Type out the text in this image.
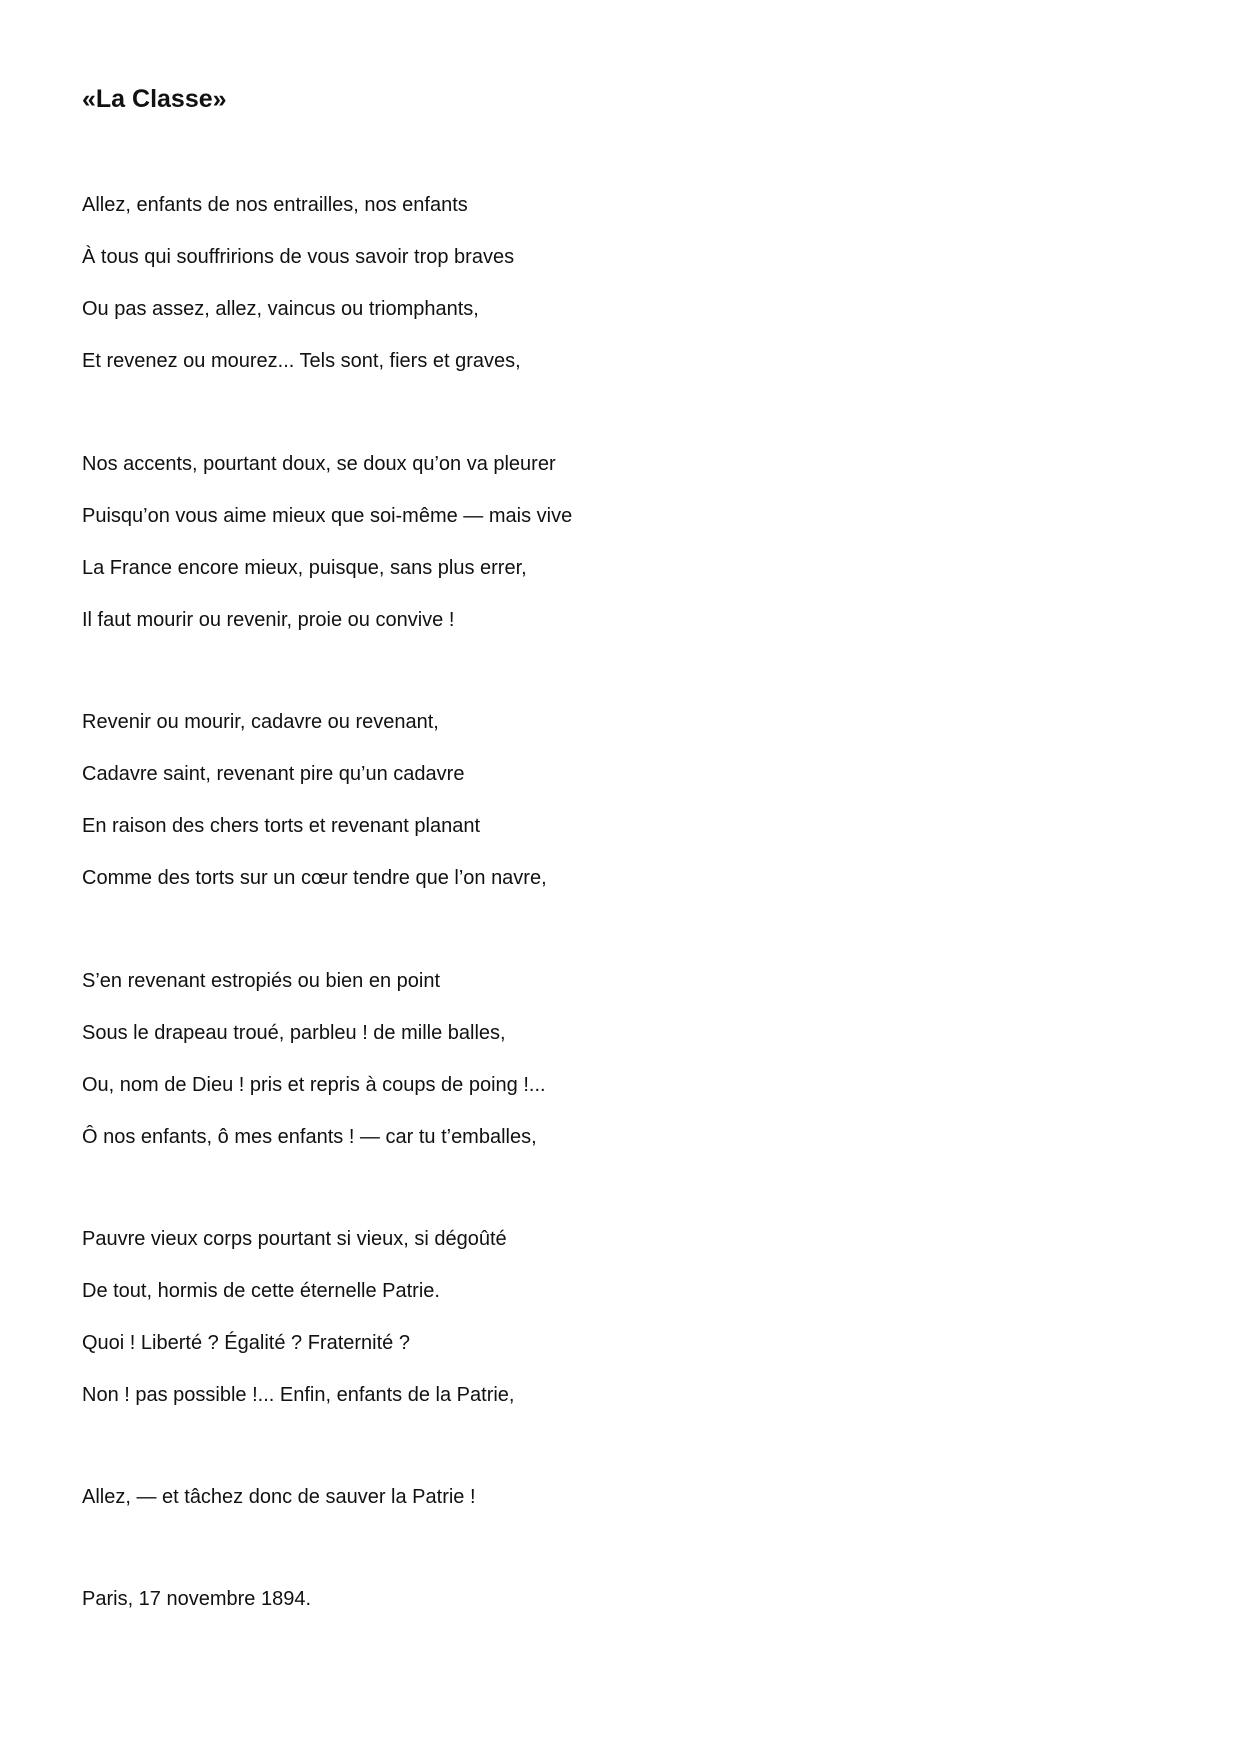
«La Classe»

Allez, enfants de nos entrailles, nos enfants

À tous qui souffririons de vous savoir trop braves

Ou pas assez, allez, vaincus ou triomphants,

Et revenez ou mourez... Tels sont, fiers et graves,

Nos accents, pourtant doux, se doux qu’on va pleurer

Puisqu’on vous aime mieux que soi-même — mais vive

La France encore mieux, puisque, sans plus errer,

Il faut mourir ou revenir, proie ou convive !

Revenir ou mourir, cadavre ou revenant,

Cadavre saint, revenant pire qu’un cadavre

En raison des chers torts et revenant planant

Comme des torts sur un cœur tendre que l’on navre,

S’en revenant estropiés ou bien en point

Sous le drapeau troué, parbleu ! de mille balles,

Ou, nom de Dieu ! pris et repris à coups de poing !...

Ô nos enfants, ô mes enfants ! — car tu t’emballes,

Pauvre vieux corps pourtant si vieux, si dégoûté

De tout, hormis de cette éternelle Patrie.

Quoi ! Liberté ? Égalité ? Fraternité ?

Non ! pas possible !... Enfin, enfants de la Patrie,

Allez, — et tâchez donc de sauver la Patrie !

Paris, 17 novembre 1894.
